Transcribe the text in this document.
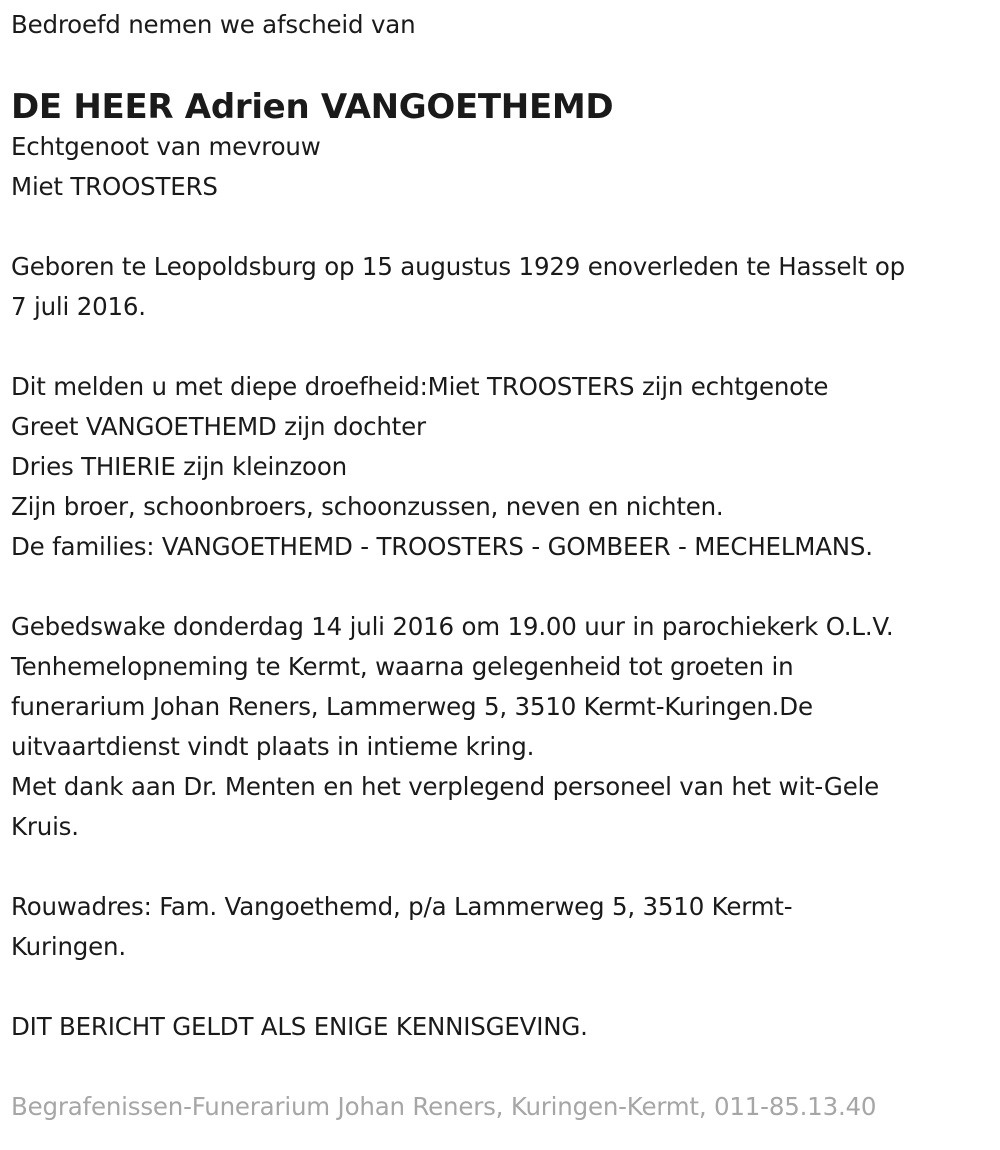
Bedroefd nemen we afscheid van
DE HEER Adrien VANGOETHEMD
Echtgenoot van mevrouw
Miet TROOSTERS
Geboren te Leopoldsburg op 15 augustus 1929 enoverleden te Hasselt op
7 juli 2016.
Dit melden u met diepe droefheid:Miet TROOSTERS zijn echtgenote
Greet VANGOETHEMD zijn dochter
Dries THIERIE zijn kleinzoon
Zijn broer, schoonbroers, schoonzussen, neven en nichten.
De families: VANGOETHEMD - TROOSTERS - GOMBEER - MECHELMANS.
Gebedswake donderdag 14 juli 2016 om 19.00 uur in parochiekerk O.L.V.
Tenhemelopneming te Kermt, waarna gelegenheid tot groeten in
funerarium Johan Reners, Lammerweg 5, 3510 Kermt-Kuringen.De
uitvaartdienst vindt plaats in intieme kring.
Met dank aan Dr. Menten en het verplegend personeel van het wit-Gele
Kruis.
Rouwadres: Fam. Vangoethemd, p/a Lammerweg 5, 3510 Kermt-
Kuringen.
DIT BERICHT GELDT ALS ENIGE KENNISGEVING.
Begrafenissen-Funerarium Johan Reners, Kuringen-Kermt, 011-85.13.40
